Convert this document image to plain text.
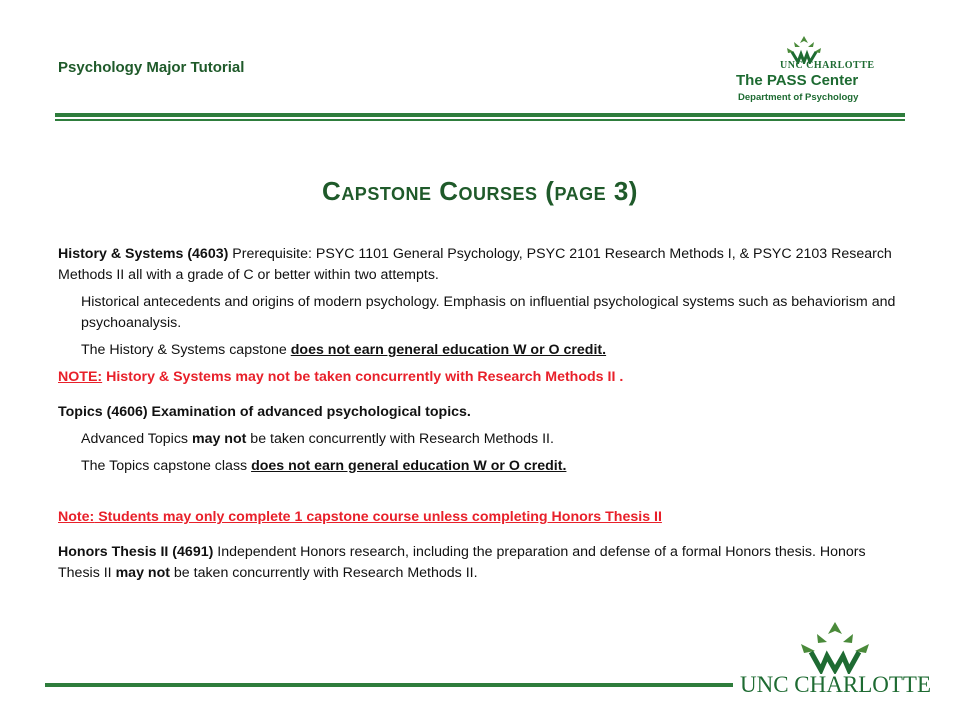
Psychology Major Tutorial	UNC CHARLOTTE
The PASS Center
Department of Psychology
Capstone Courses (page 3)

History & Systems (4603) Prerequisite: PSYC 1101 General Psychology, PSYC 2101 Research Methods I, & PSYC 2103 Research Methods II all with a grade of C or better within two attempts.

Historical antecedents and origins of modern psychology. Emphasis on influential psychological systems such as behaviorism and psychoanalysis.

The History & Systems capstone does not earn general education W or O credit.

NOTE: History & Systems may not be taken concurrently with Research Methods II .

Topics (4606) Examination of advanced psychological topics.

Advanced Topics may not be taken concurrently with Research Methods II.

The Topics capstone class does not earn general education W or O credit.

Note: Students may only complete 1 capstone course unless completing Honors Thesis II

Honors Thesis II (4691) Independent Honors research, including the preparation and defense of a formal Honors thesis. Honors Thesis II may not be taken concurrently with Research Methods II.

UNC CHARLOTTE
